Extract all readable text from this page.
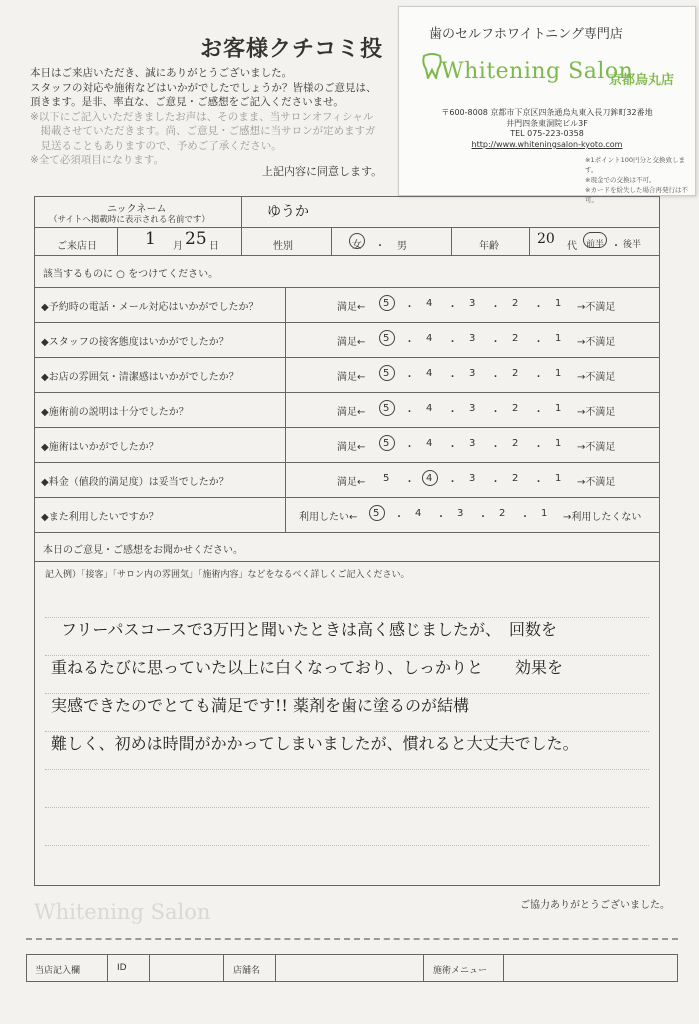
お客様クチコミ投
本日はご来店いただき、誠にありがとうございました。
スタッフの対応や施術などはいかがでしたでしょうか？皆様のご意見は、
頂きます。是非、率直な、ご意見・ご感想をご記入くださいませ。
※以下にご記入いただきましたお声は、そのまま、当サロンオフィシャル
　掲載させていただきます。尚、ご意見・ご感想に当サロンが定めますガ
　見送ることもありますので、予めご了承ください。
※全て必須項目になります。
上記内容に同意します。
歯のセルフホワイトニング専門店
Whitening Salon
京都烏丸店
〒600-8008 京都市下京区四条通烏丸東入長刀鉾町32番地
井門四条東洞院ビル3F
TEL 075-223-0358
http://www.whiteningsalon-kyoto.com
※1ポイント100円分と交換致します。
※現金での交換は不可。
※カードを紛失した場合再発行は不可。
ニックネーム
（サイトへ掲載時に表示される名前です）	ゆうか
ご来店日	1 月 25 日	性別	女 ・ 男	年齢	20 代 前半 ・ 後半
該当するものに ○ をつけてください。
◆予約時の電話・メール対応はいかがでしたか？	満足← 5 ・ 4 ・ 3 ・ 2 ・ 1 →不満足
◆スタッフの接客態度はいかがでしたか？	満足← 5 ・ 4 ・ 3 ・ 2 ・ 1 →不満足
◆お店の雰囲気・清潔感はいかがでしたか？	満足← 5 ・ 4 ・ 3 ・ 2 ・ 1 →不満足
◆施術前の説明は十分でしたか？	満足← 5 ・ 4 ・ 3 ・ 2 ・ 1 →不満足
◆施術はいかがでしたか？	満足← 5 ・ 4 ・ 3 ・ 2 ・ 1 →不満足
◆料金（値段的満足度）は妥当でしたか？	満足← 5 ・ 4 ・ 3 ・ 2 ・ 1 →不満足
◆また利用したいですか？	利用したい← 5 ・ 4 ・ 3 ・ 2 ・ 1 →利用したくない
本日のご意見・ご感想をお聞かせください。
記入例）「接客」「サロン内の雰囲気」「施術内容」などをなるべく詳しくご記入ください。
フリーパスコースで3万円と聞いたときは高く感じましたが、　回数を
重ねるたびに思っていた以上に白くなっており、しっかりと　　効果を
実感できたのでとても満足です!! 薬剤を歯に塗るのが結構
難しく、初めは時間がかかってしまいましたが、慣れると大丈夫でした。
ご協力ありがとうございました。
Whitening Salon
当店記入欄	ID	店舗名	施術メニュー
